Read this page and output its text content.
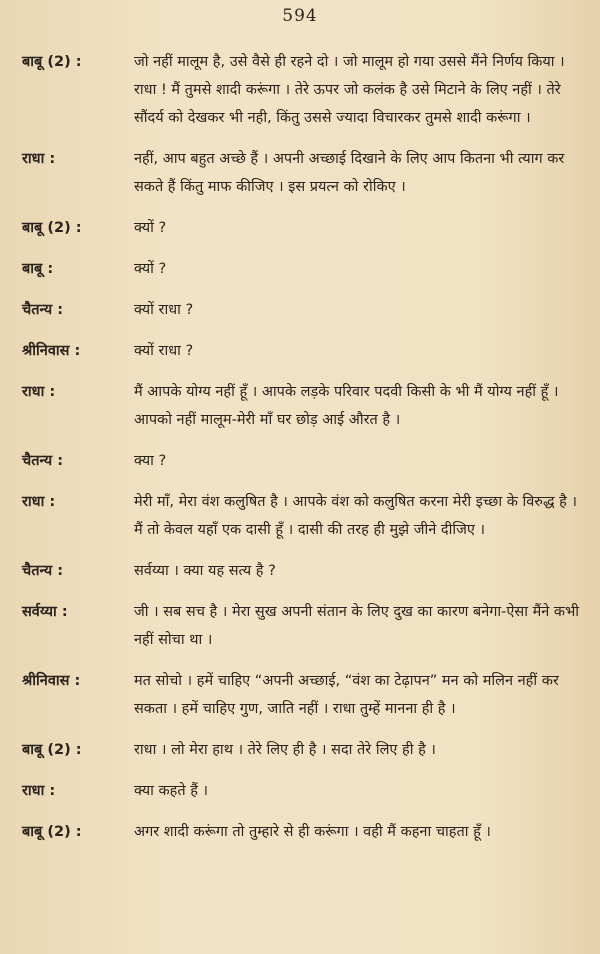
594
बाबू (2) :	जो नहीं मालूम है, उसे वैसे ही रहने दो । जो मालूम हो गया उससे मैंने निर्णय किया । राधा ! मैं तुमसे शादी करूंगा । तेरे ऊपर जो कलंक है उसे मिटाने के लिए नहीं । तेरे सौंदर्य को देखकर भी नही, किंतु उससे ज्यादा विचारकर तुमसे शादी करूंगा ।
राधा :	नहीं, आप बहुत अच्छे हैं । अपनी अच्छाई दिखाने के लिए आप कितना भी त्याग कर सकते हैं किंतु माफ कीजिए । इस प्रयत्न को रोकिए ।
बाबू (2) :	क्यों ?
बाबू :	क्यों ?
चैतन्य :	क्यों राधा ?
श्रीनिवास :	क्यों राधा ?
राधा :	मैं आपके योग्य नहीं हूँ । आपके लड़के परिवार पदवी किसी के भी मैं योग्य नहीं हूँ । आपको नहीं मालूम-मेरी माँ घर छोड़ आई औरत है ।
चैतन्य :	क्या ?
राधा :	मेरी माँ, मेरा वंश कलुषित है । आपके वंश को कलुषित करना मेरी इच्छा के विरुद्ध है । मैं तो केवल यहाँ एक दासी हूँ । दासी की तरह ही मुझे जीने दीजिए ।
चैतन्य :	सर्वय्या । क्या यह सत्य है ?
सर्वय्या :	जी । सब सच है । मेरा सुख अपनी संतान के लिए दुख का कारण बनेगा-ऐसा मैंने कभी नहीं सोचा था ।
श्रीनिवास :	मत सोचो । हमें चाहिए “अपनी अच्छाई, “वंश का टेढ़ापन” मन को मलिन नहीं कर सकता । हमें चाहिए गुण, जाति नहीं । राधा तुम्हें मानना ही है ।
बाबू (2) :	राधा । लो मेरा हाथ । तेरे लिए ही है । सदा तेरे लिए ही है ।
राधा :	क्या कहते हैं ।
बाबू (2) :	अगर शादी करूंगा तो तुम्हारे से ही करूंगा । वही मैं कहना चाहता हूँ ।
